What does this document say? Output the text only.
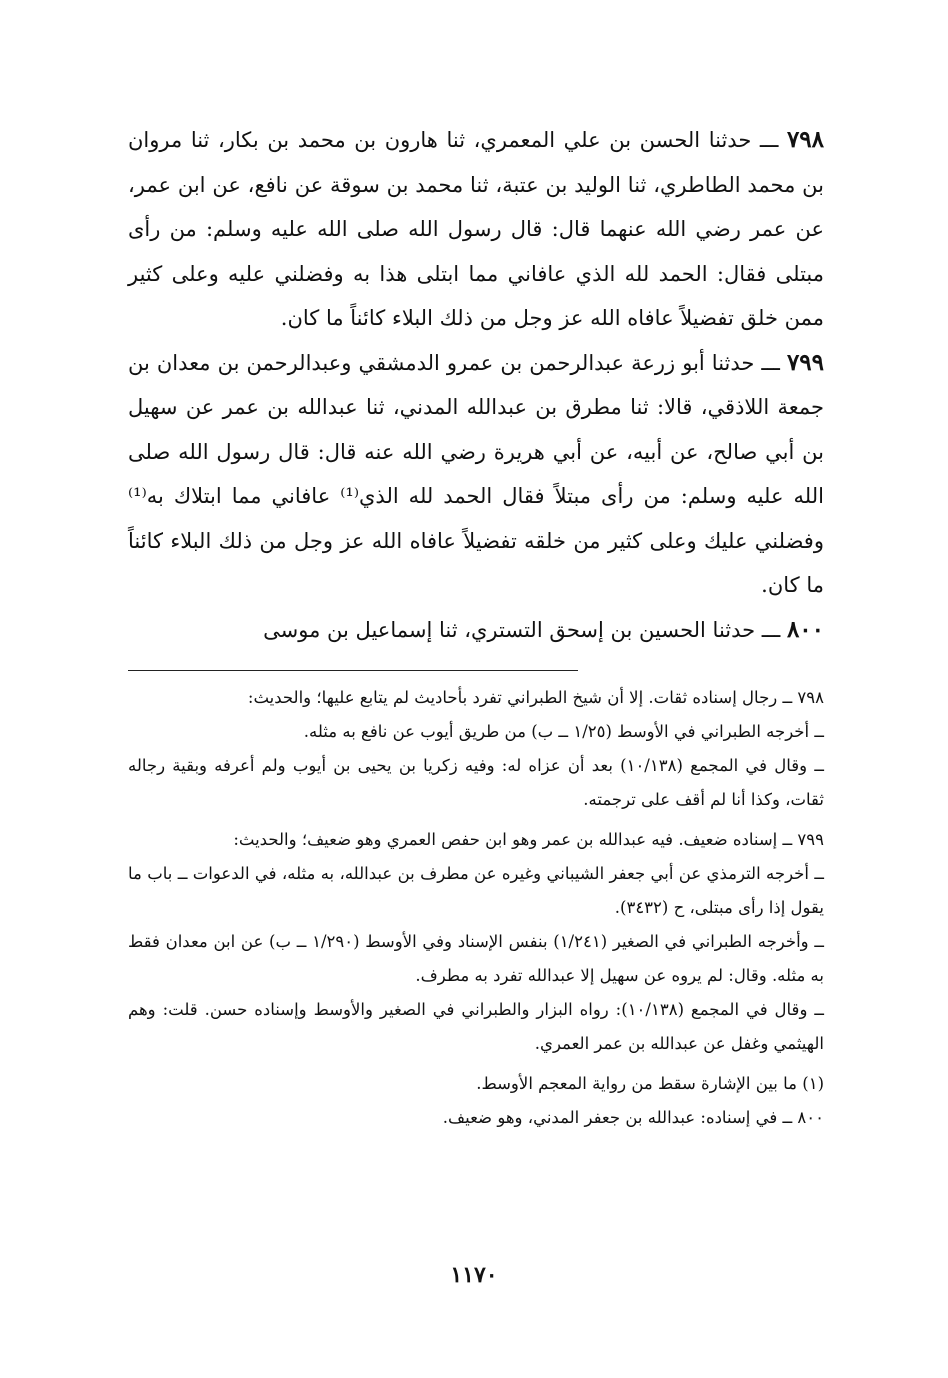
٧٩٨ ـــ حدثنا الحسن بن علي المعمري، ثنا هارون بن محمد بن بكار، ثنا مروان بن محمد الطاطري، ثنا الوليد بن عتبة، ثنا محمد بن سوقة عن نافع، عن ابن عمر، عن عمر رضي الله عنهما قال: قال رسول الله صلى الله عليه وسلم: من رأى مبتلى فقال: الحمد لله الذي عافاني مما ابتلى هذا به وفضلني عليه وعلى كثير ممن خلق تفضيلاً عافاه الله عز وجل من ذلك البلاء كائناً ما كان.

٧٩٩ ـــ حدثنا أبو زرعة عبدالرحمن بن عمرو الدمشقي وعبدالرحمن بن معدان بن جمعة اللاذقي، قالا: ثنا مطرق بن عبدالله المدني، ثنا عبدالله بن عمر عن سهيل بن أبي صالح، عن أبيه، عن أبي هريرة رضي الله عنه قال: قال رسول الله صلى الله عليه وسلم: من رأى مبتلاً فقال الحمد لله الذي⁽¹⁾ عافاني مما ابتلاك به⁽¹⁾ وفضلني عليك وعلى كثير من خلقه تفضيلاً عافاه الله عز وجل من ذلك البلاء كائناً ما كان.

٨٠٠ ـــ حدثنا الحسين بن إسحق التستري، ثنا إسماعيل بن موسى

٧٩٨ ــ رجال إسناده ثقات. إلا أن شيخ الطبراني تفرد بأحاديث لم يتابع عليها؛ والحديث:

ــ أخرجه الطبراني في الأوسط (١/٢٥ ــ ب) من طريق أيوب عن نافع به مثله.

ــ وقال في المجمع (١٠/١٣٨) بعد أن عزاه له: وفيه زكريا بن يحيى بن أيوب ولم أعرفه وبقية رجاله ثقات، وكذا أنا لم أقف على ترجمته.

٧٩٩ ــ إسناده ضعيف. فيه عبدالله بن عمر وهو ابن حفص العمري وهو ضعيف؛ والحديث:

ــ أخرجه الترمذي عن أبي جعفر الشيباني وغيره عن مطرف بن عبدالله، به مثله، في الدعوات ــ باب ما يقول إذا رأى مبتلى، ح (٣٤٣٢).

ــ وأخرجه الطبراني في الصغير (١/٢٤١) بنفس الإسناد وفي الأوسط (١/٢٩٠ ــ ب) عن ابن معدان فقط به مثله. وقال: لم يروه عن سهيل إلا عبدالله تفرد به مطرف.

ــ وقال في المجمع (١٠/١٣٨): رواه البزار والطبراني في الصغير والأوسط وإسناده حسن. قلت: وهم الهيثمي وغفل عن عبدالله بن عمر العمري.

(١) ما بين الإشارة سقط من رواية المعجم الأوسط.

٨٠٠ ــ في إسناده: عبدالله بن جعفر المدني، وهو ضعيف.

١١٧٠
